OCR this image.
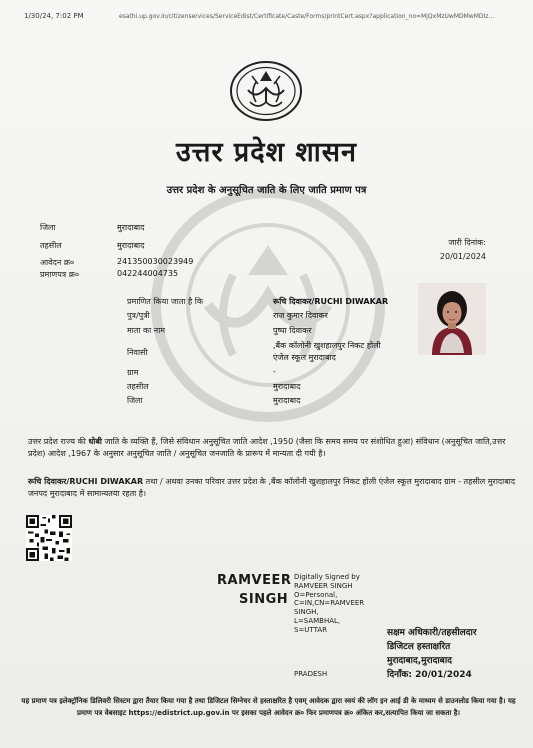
1/30/24, 7:02 PM	esathi.up.gov.in/citizenservices/ServiceEdist/Certificate/Caste/Forms/printCert.aspx?application_no=MjQxMzUwMDMwMDIz...
उत्तर प्रदेश शासन
उत्तर प्रदेश के अनुसूचित जाति के लिए जाति प्रमाण पत्र
जिला	मुरादाबाद
तहसील	मुरादाबाद
आवेदन क्र०	241350030023949
प्रमाणपत्र क्र०	042244004735
जारी दिनांक:
20/01/2024
प्रमाणित किया जाता है कि	रूचि दिवाकर/RUCHI DIWAKAR
पुत्र/पुत्री	राज कुमार दिवाकर
माता का नाम	पुष्पा दिवाकर
निवासी
,बैंक कॉलोनी खुशहालपुर निकट होली
एंजेल स्कूल मुरादाबाद
ग्राम	-
तहसील	मुरादाबाद
जिला	मुरादाबाद
उत्तर प्रदेश राज्य की धोबी जाति के व्यक्ति हैं, जिसे संविधान अनुसूचित जाति आदेश ,1950 (जैसा कि समय समय पर संशोधित हुआ) संविधान (अनुसूचित जाति,उत्तर प्रदेश) आदेश ,1967 के अनुसार अनुसूचित जाति / अनुसूचित जनजाति के प्रारूप में मान्यता दी गयी है।
रूचि दिवाकर/RUCHI DIWAKAR तथा / अथवा उनका परिवार उत्तर प्रदेश के ,बैंक कॉलोनी खुशहालपुर निकट होली एंजेल स्कूल मुरादाबाद ग्राम - तहसील मुरादाबाद जनपद मुरादाबाद में सामान्यतया रहता है।
RAMVEER
SINGH
Digitally Signed by
RAMVEER SINGH
O=Personal,
C=IN,CN=RAMVEER
SINGH,
L=SAMBHAL,
S=UTTAR
PRADESH
सक्षम अधिकारी/तहसीलदार
डिजिटल हस्ताक्षरित
मुरादाबाद,मुरादाबाद
दिनाँक: 20/01/2024
यह प्रमाण पत्र इलेक्ट्रॉनिक डिलिवरी सिस्टम द्वारा तैयार किया गया है तथा डिजिटल सिग्नेचर से हस्ताक्षरित है एवम् आवेदक द्वारा स्वयं की लॉग इन आई डी के माध्यम से डाउनलोड किया गया है। यह प्रमाण पत्र वेबसाइट https://edistrict.up.gov.in पर इसका पहले आवेदन क्र० फिर प्रमाणपत्र क्र० अंकित कर,सत्यापित किया जा सकता है।
